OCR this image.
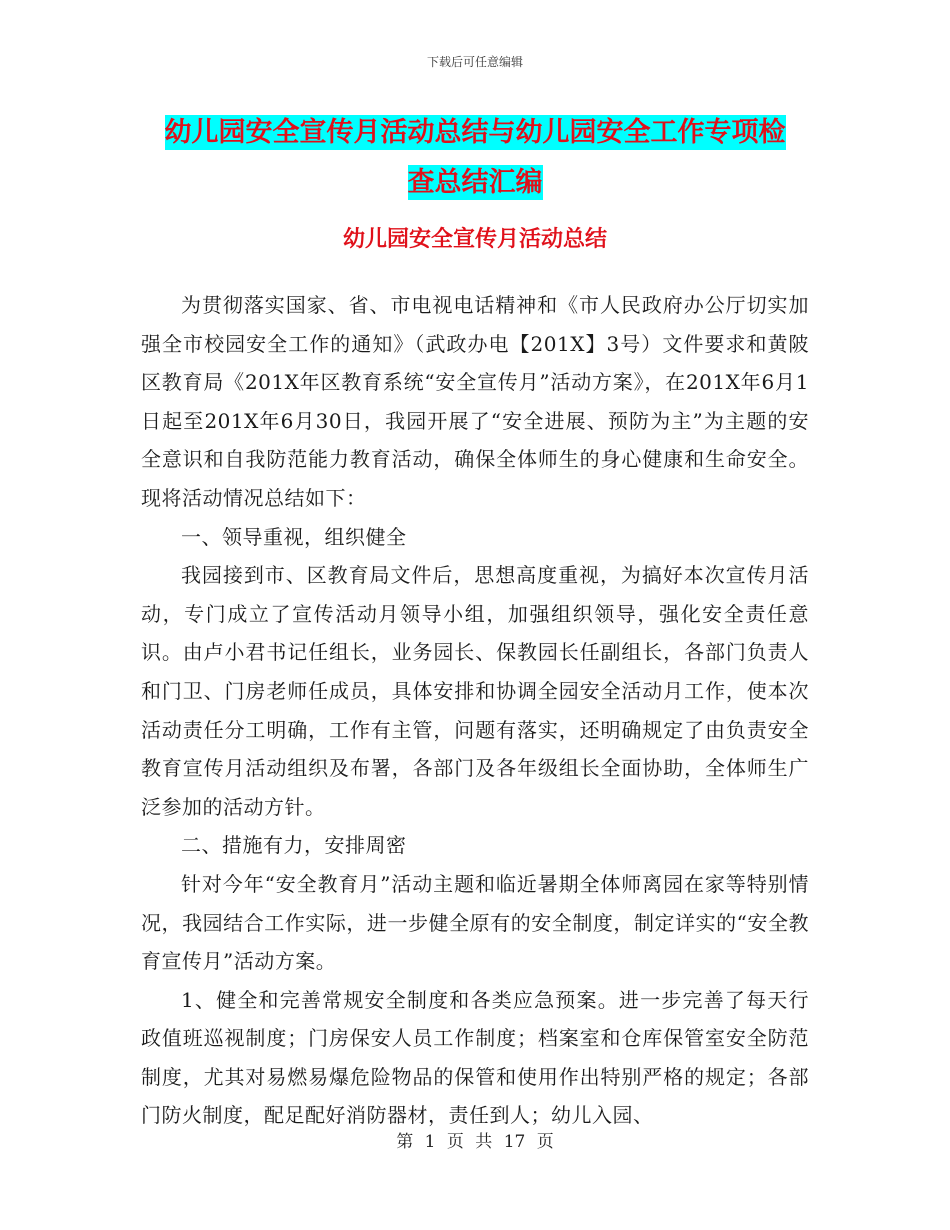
下载后可任意编辑
幼儿园安全宣传月活动总结与幼儿园安全工作专项检
查总结汇编
幼儿园安全宣传月活动总结

为贯彻落实国家、省、市电视电话精神和《市人民政府办公厅切实加强全市校园安全工作的通知》（武政办电【201X】3号）文件要求和黄陂区教育局《201X年区教育系统“安全宣传月”活动方案》，在201X年6月1日起至201X年6月30日，我园开展了“安全进展、预防为主”为主题的安全意识和自我防范能力教育活动，确保全体师生的身心健康和生命安全。现将活动情况总结如下：

一、领导重视，组织健全

我园接到市、区教育局文件后，思想高度重视，为搞好本次宣传月活动，专门成立了宣传活动月领导小组，加强组织领导，强化安全责任意识。由卢小君书记任组长，业务园长、保教园长任副组长，各部门负责人和门卫、门房老师任成员，具体安排和协调全园安全活动月工作，使本次活动责任分工明确，工作有主管，问题有落实，还明确规定了由负责安全教育宣传月活动组织及布署，各部门及各年级组长全面协助，全体师生广泛参加的活动方针。

二、措施有力，安排周密

针对今年“安全教育月”活动主题和临近暑期全体师离园在家等特别情况，我园结合工作实际，进一步健全原有的安全制度，制定详实的“安全教育宣传月”活动方案。

1、健全和完善常规安全制度和各类应急预案。进一步完善了每天行政值班巡视制度；门房保安人员工作制度；档案室和仓库保管室安全防范制度，尤其对易燃易爆危险物品的保管和使用作出特别严格的规定；各部门防火制度，配足配好消防器材，责任到人；幼儿入园、

第 1 页 共 17 页
